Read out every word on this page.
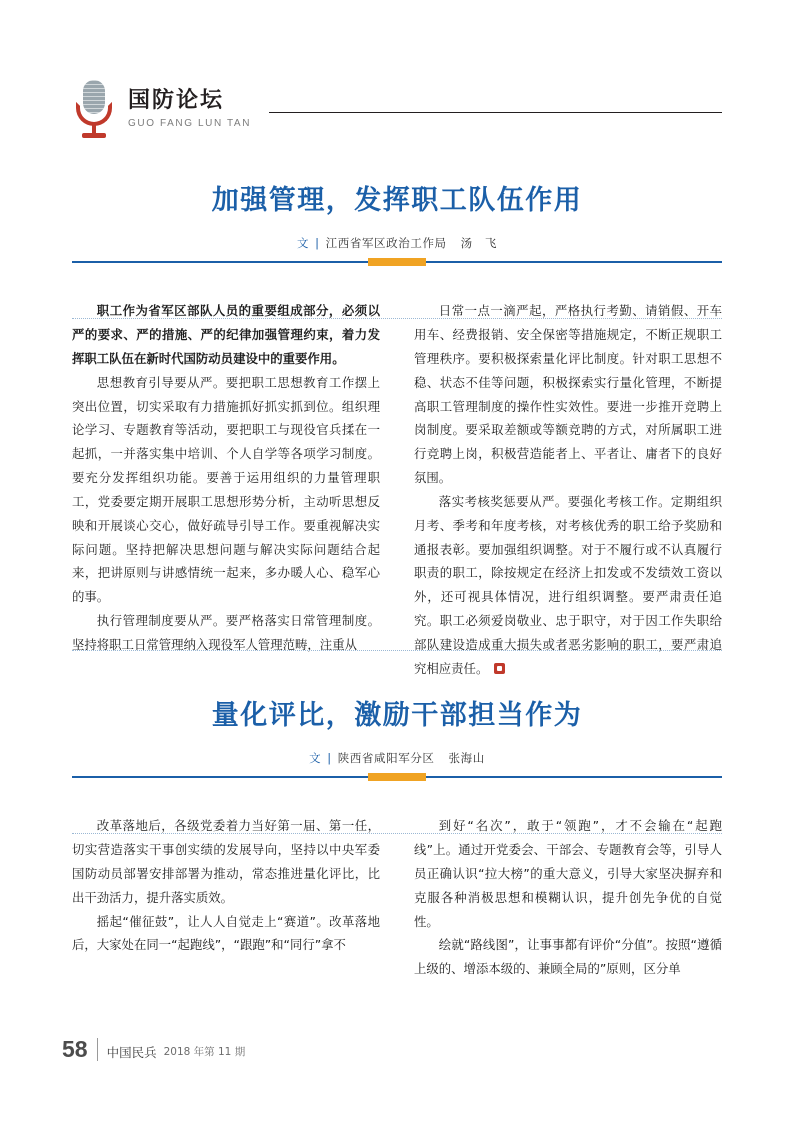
国防论坛
GUO FANG LUN TAN
加强管理，发挥职工队伍作用
文 | 江西省军区政治工作局 汤　飞

职工作为省军区部队人员的重要组成部分，必须以严的要求、严的措施、严的纪律加强管理约束，着力发挥职工队伍在新时代国防动员建设中的重要作用。

思想教育引导要从严。要把职工思想教育工作摆上突出位置，切实采取有力措施抓好抓实抓到位。组织理论学习、专题教育等活动，要把职工与现役官兵揉在一起抓，一并落实集中培训、个人自学等各项学习制度。要充分发挥组织功能。要善于运用组织的力量管理职工，党委要定期开展职工思想形势分析，主动听思想反映和开展谈心交心，做好疏导引导工作。要重视解决实际问题。坚持把解决思想问题与解决实际问题结合起来，把讲原则与讲感情统一起来，多办暖人心、稳军心的事。

执行管理制度要从严。要严格落实日常管理制度。坚持将职工日常管理纳入现役军人管理范畴，注重从

日常一点一滴严起，严格执行考勤、请销假、开车用车、经费报销、安全保密等措施规定，不断正规职工管理秩序。要积极探索量化评比制度。针对职工思想不稳、状态不佳等问题，积极探索实行量化管理，不断提高职工管理制度的操作性实效性。要进一步推开竞聘上岗制度。要采取差额或等额竞聘的方式，对所属职工进行竞聘上岗，积极营造能者上、平者让、庸者下的良好氛围。

落实考核奖惩要从严。要强化考核工作。定期组织月考、季考和年度考核，对考核优秀的职工给予奖励和通报表彰。要加强组织调整。对于不履行或不认真履行职责的职工，除按规定在经济上扣发或不发绩效工资以外，还可视具体情况，进行组织调整。要严肃责任追究。职工必须爱岗敬业、忠于职守，对于因工作失职给部队建设造成重大损失或者恶劣影响的职工，要严肃追究相应责任。

量化评比，激励干部担当作为
文 | 陕西省咸阳军分区 张海山

改革落地后，各级党委着力当好第一届、第一任，切实营造落实干事创实绩的发展导向，坚持以中央军委国防动员部署安排部署为推动，常态推进量化评比，比出干劲活力，提升落实质效。

摇起“催征鼓”，让人人自觉走上“赛道”。改革落地后，大家处在同一“起跑线”，“跟跑”和“同行”拿不

到好“名次”，敢于“领跑”，才不会输在“起跑线”上。通过开党委会、干部会、专题教育会等，引导人员正确认识“拉大榜”的重大意义，引导大家坚决摒弃和克服各种消极思想和模糊认识，提升创先争优的自觉性。

绘就“路线图”，让事事都有评价“分值”。按照“遵循上级的、增添本级的、兼顾全局的”原则，区分单

58	中国民兵 2018 年第 11 期
